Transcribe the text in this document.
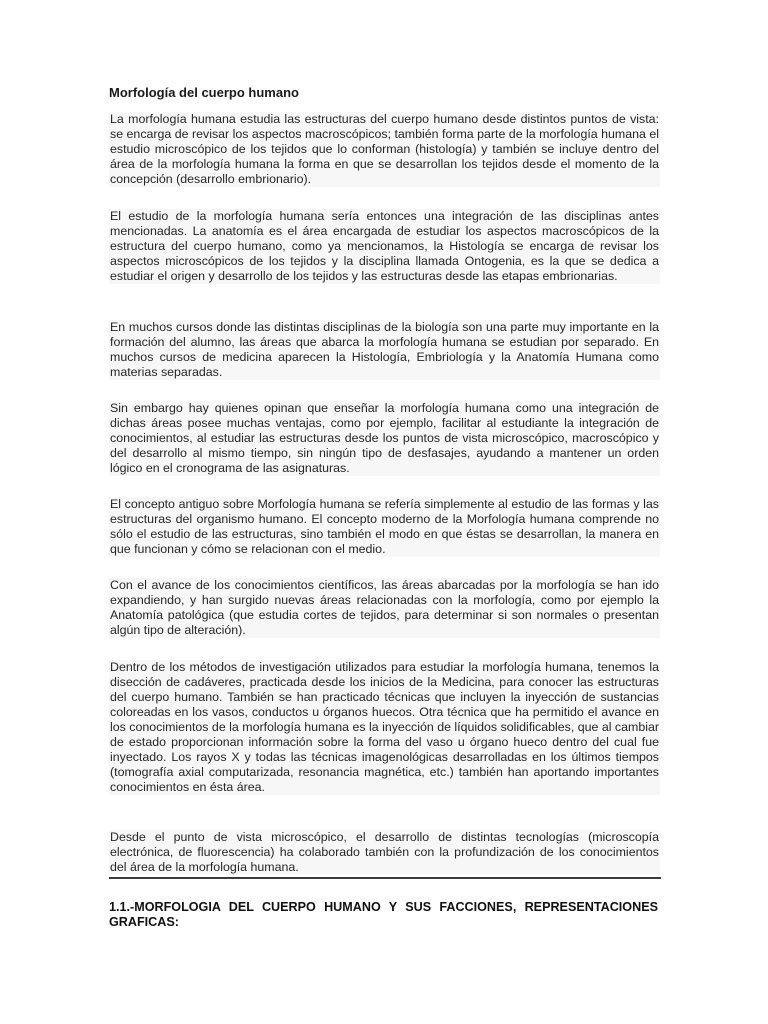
Morfología del cuerpo humano

La morfología humana estudia las estructuras del cuerpo humano desde distintos puntos de vista: se encarga de revisar los aspectos macroscópicos; también forma parte de la morfología humana el estudio microscópico de los tejidos que lo conforman (histología) y también se incluye dentro del área de la morfología humana la forma en que se desarrollan los tejidos desde el momento de la concepción (desarrollo embrionario).

El estudio de la morfología humana sería entonces una integración de las disciplinas antes mencionadas. La anatomía es el área encargada de estudiar los aspectos macroscópicos de la estructura del cuerpo humano, como ya mencionamos, la Histología se encarga de revisar los aspectos microscópicos de los tejidos y la disciplina llamada Ontogenia, es la que se dedica a estudiar el origen y desarrollo de los tejidos y las estructuras desde las etapas embrionarias.

En muchos cursos donde las distintas disciplinas de la biología son una parte muy importante en la formación del alumno, las áreas que abarca la morfología humana se estudian por separado. En muchos cursos de medicina aparecen la Histología, Embriología y la Anatomía Humana como materias separadas.

Sin embargo hay quienes opinan que enseñar la morfología humana como una integración de dichas áreas posee muchas ventajas, como por ejemplo, facilitar al estudiante la integración de conocimientos, al estudiar las estructuras desde los puntos de vista microscópico, macroscópico y del desarrollo al mismo tiempo, sin ningún tipo de desfasajes, ayudando a mantener un orden lógico en el cronograma de las asignaturas.

El concepto antiguo sobre Morfología humana se refería simplemente al estudio de las formas y las estructuras del organismo humano. El concepto moderno de la Morfología humana comprende no sólo el estudio de las estructuras, sino también el modo en que éstas se desarrollan, la manera en que funcionan y cómo se relacionan con el medio.

Con el avance de los conocimientos científicos, las áreas abarcadas por la morfología se han ido expandiendo, y han surgido nuevas áreas relacionadas con la morfología, como por ejemplo la Anatomía patológica (que estudia cortes de tejidos, para determinar si son normales o presentan algún tipo de alteración).

Dentro de los métodos de investigación utilizados para estudiar la morfología humana, tenemos la disección de cadáveres, practicada desde los inicios de la Medicina, para conocer las estructuras del cuerpo humano. También se han practicado técnicas que incluyen la inyección de sustancias coloreadas en los vasos, conductos u órganos huecos. Otra técnica que ha permitido el avance en los conocimientos de la morfología humana es la inyección de líquidos solidificables, que al cambiar de estado proporcionan información sobre la forma del vaso u órgano hueco dentro del cual fue inyectado. Los rayos X y todas las técnicas imagenológicas desarrolladas en los últimos tiempos (tomografía axial computarizada, resonancia magnética, etc.) también han aportando importantes conocimientos en ésta área.

Desde el punto de vista microscópico, el desarrollo de distintas tecnologías (microscopía electrónica, de fluorescencia) ha colaborado también con la profundización de los conocimientos del área de la morfología humana.

1.1.-MORFOLOGIA DEL CUERPO HUMANO Y SUS FACCIONES, REPRESENTACIONES GRAFICAS:
